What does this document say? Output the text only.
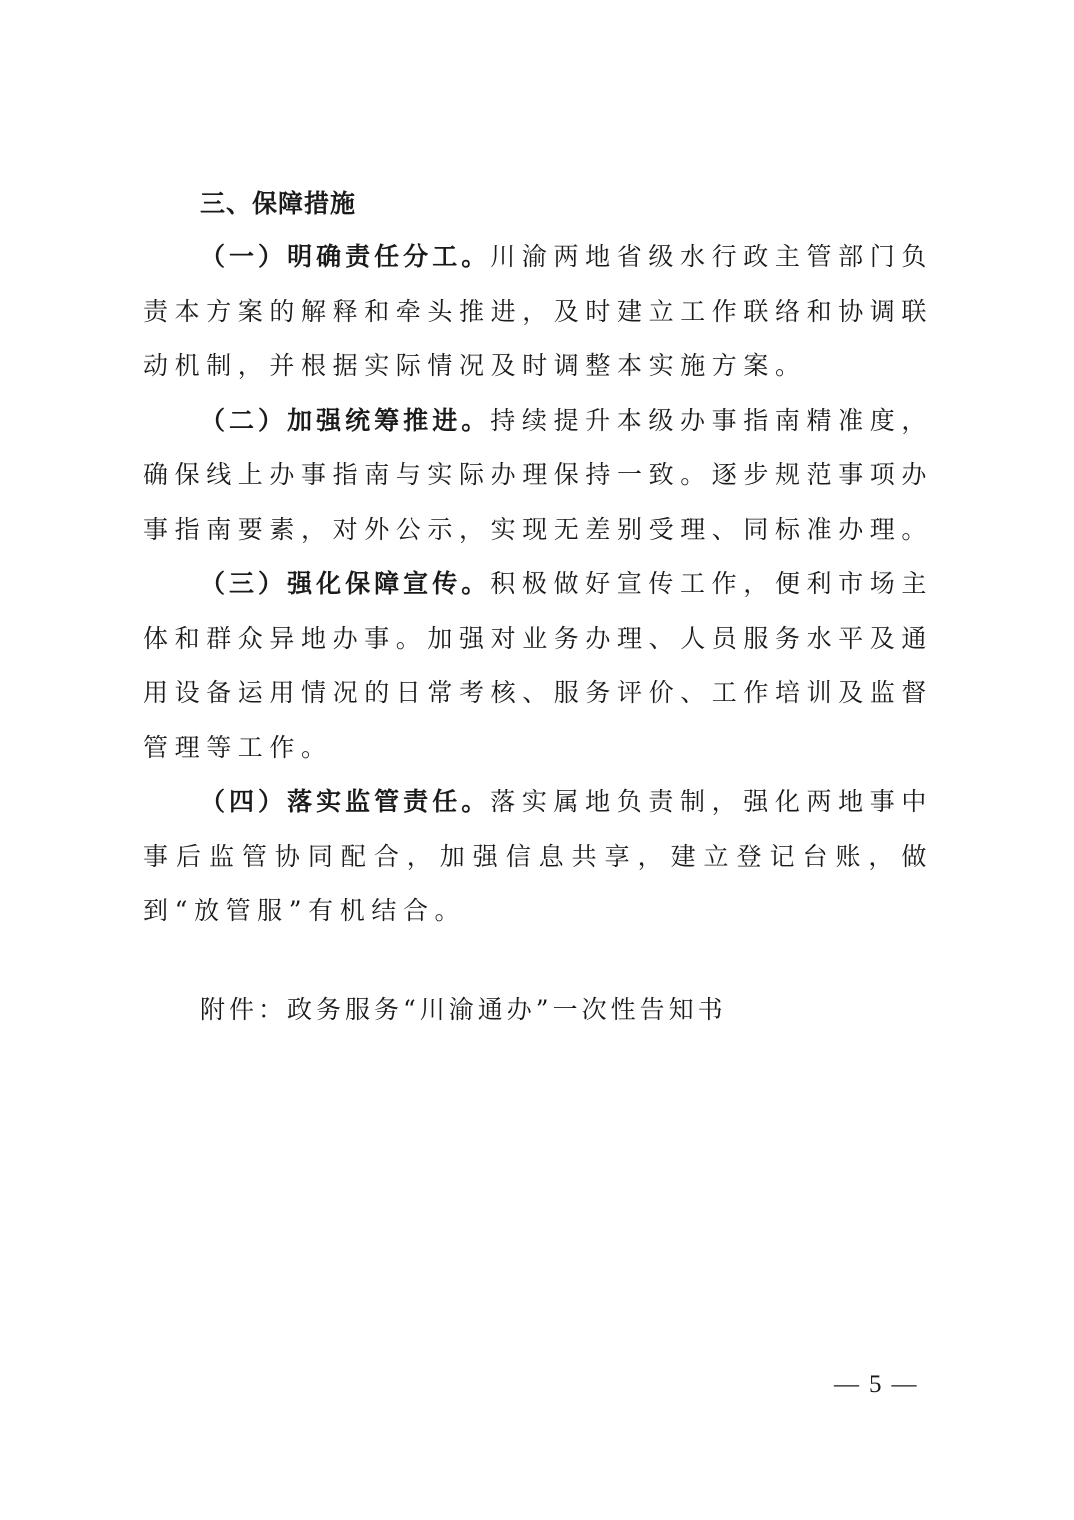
三、保障措施

（一）明确责任分工。川渝两地省级水行政主管部门负责本方案的解释和牵头推进，及时建立工作联络和协调联动机制，并根据实际情况及时调整本实施方案。

（二）加强统筹推进。持续提升本级办事指南精准度，确保线上办事指南与实际办理保持一致。逐步规范事项办事指南要素，对外公示，实现无差别受理、同标准办理。

（三）强化保障宣传。积极做好宣传工作，便利市场主体和群众异地办事。加强对业务办理、人员服务水平及通用设备运用情况的日常考核、服务评价、工作培训及监督管理等工作。

（四）落实监管责任。落实属地负责制，强化两地事中事后监管协同配合，加强信息共享，建立登记台账，做到“放管服”有机结合。

附件：政务服务“川渝通办”一次性告知书

— 5 —
